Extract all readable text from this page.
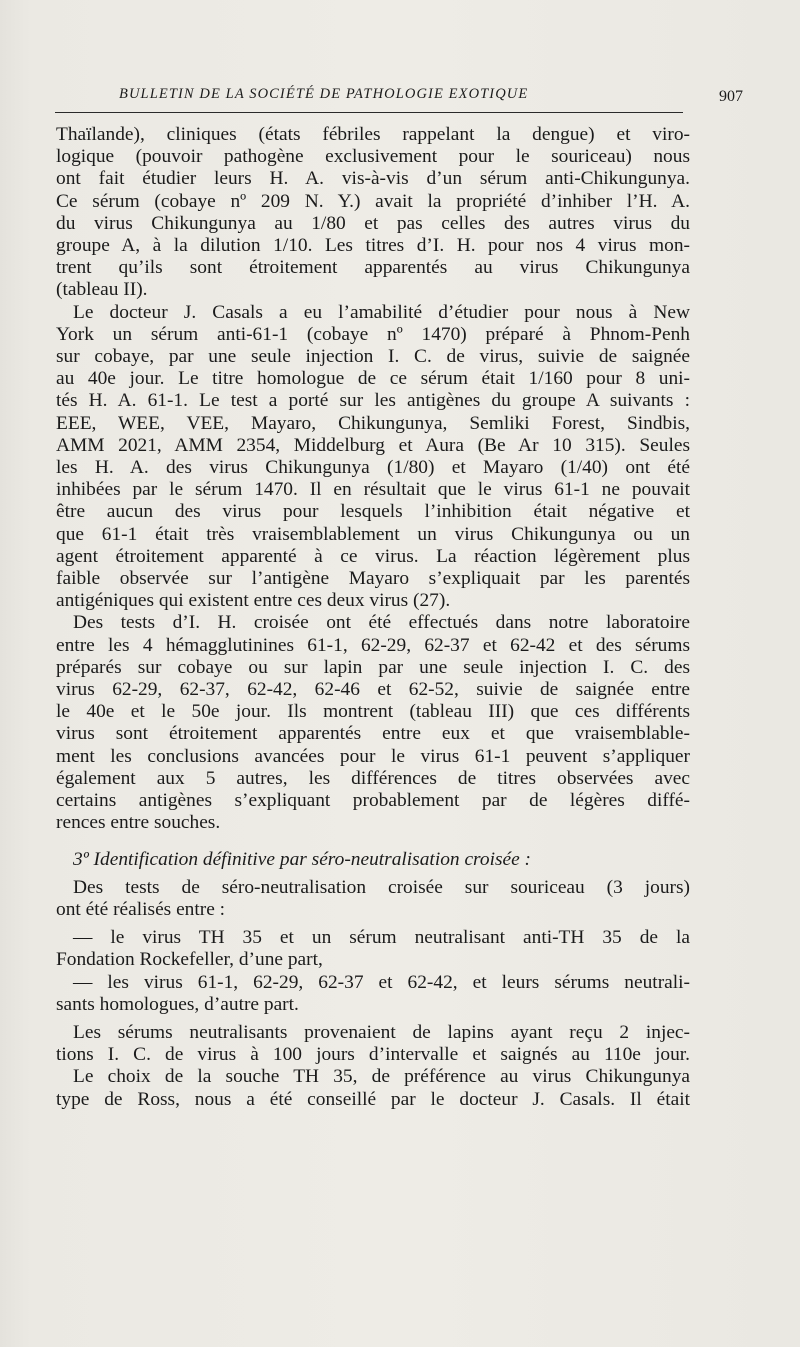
BULLETIN DE LA SOCIÉTÉ DE PATHOLOGIE EXOTIQUE	907
Thaïlande), cliniques (états fébriles rappelant la dengue) et viro-
logique (pouvoir pathogène exclusivement pour le souriceau) nous
ont fait étudier leurs H. A. vis-à-vis d’un sérum anti-Chikungunya.
Ce sérum (cobaye nº 209 N. Y.) avait la propriété d’inhiber l’H. A.
du virus Chikungunya au 1/80 et pas celles des autres virus du
groupe A, à la dilution 1/10. Les titres d’I. H. pour nos 4 virus mon-
trent qu’ils sont étroitement apparentés au virus Chikungunya
(tableau II).
Le docteur J. Casals a eu l’amabilité d’étudier pour nous à New
York un sérum anti-61-1 (cobaye nº 1470) préparé à Phnom-Penh
sur cobaye, par une seule injection I. C. de virus, suivie de saignée
au 40e jour. Le titre homologue de ce sérum était 1/160 pour 8 uni-
tés H. A. 61-1. Le test a porté sur les antigènes du groupe A suivants :
EEE, WEE, VEE, Mayaro, Chikungunya, Semliki Forest, Sindbis,
AMM 2021, AMM 2354, Middelburg et Aura (Be Ar 10 315). Seules
les H. A. des virus Chikungunya (1/80) et Mayaro (1/40) ont été
inhibées par le sérum 1470. Il en résultait que le virus 61-1 ne pouvait
être aucun des virus pour lesquels l’inhibition était négative et
que 61-1 était très vraisemblablement un virus Chikungunya ou un
agent étroitement apparenté à ce virus. La réaction légèrement plus
faible observée sur l’antigène Mayaro s’expliquait par les parentés
antigéniques qui existent entre ces deux virus (27).
Des tests d’I. H. croisée ont été effectués dans notre laboratoire
entre les 4 hémagglutinines 61-1, 62-29, 62-37 et 62-42 et des sérums
préparés sur cobaye ou sur lapin par une seule injection I. C. des
virus 62-29, 62-37, 62-42, 62-46 et 62-52, suivie de saignée entre
le 40e et le 50e jour. Ils montrent (tableau III) que ces différents
virus sont étroitement apparentés entre eux et que vraisemblable-
ment les conclusions avancées pour le virus 61-1 peuvent s’appliquer
également aux 5 autres, les différences de titres observées avec
certains antigènes s’expliquant probablement par de légères diffé-
rences entre souches.
3º Identification définitive par séro-neutralisation croisée :
Des tests de séro-neutralisation croisée sur souriceau (3 jours)
ont été réalisés entre :
— le virus TH 35 et un sérum neutralisant anti-TH 35 de la
Fondation Rockefeller, d’une part,
— les virus 61-1, 62-29, 62-37 et 62-42, et leurs sérums neutrali-
sants homologues, d’autre part.
Les sérums neutralisants provenaient de lapins ayant reçu 2 injec-
tions I. C. de virus à 100 jours d’intervalle et saignés au 110e jour.
Le choix de la souche TH 35, de préférence au virus Chikungunya
type de Ross, nous a été conseillé par le docteur J. Casals. Il était
